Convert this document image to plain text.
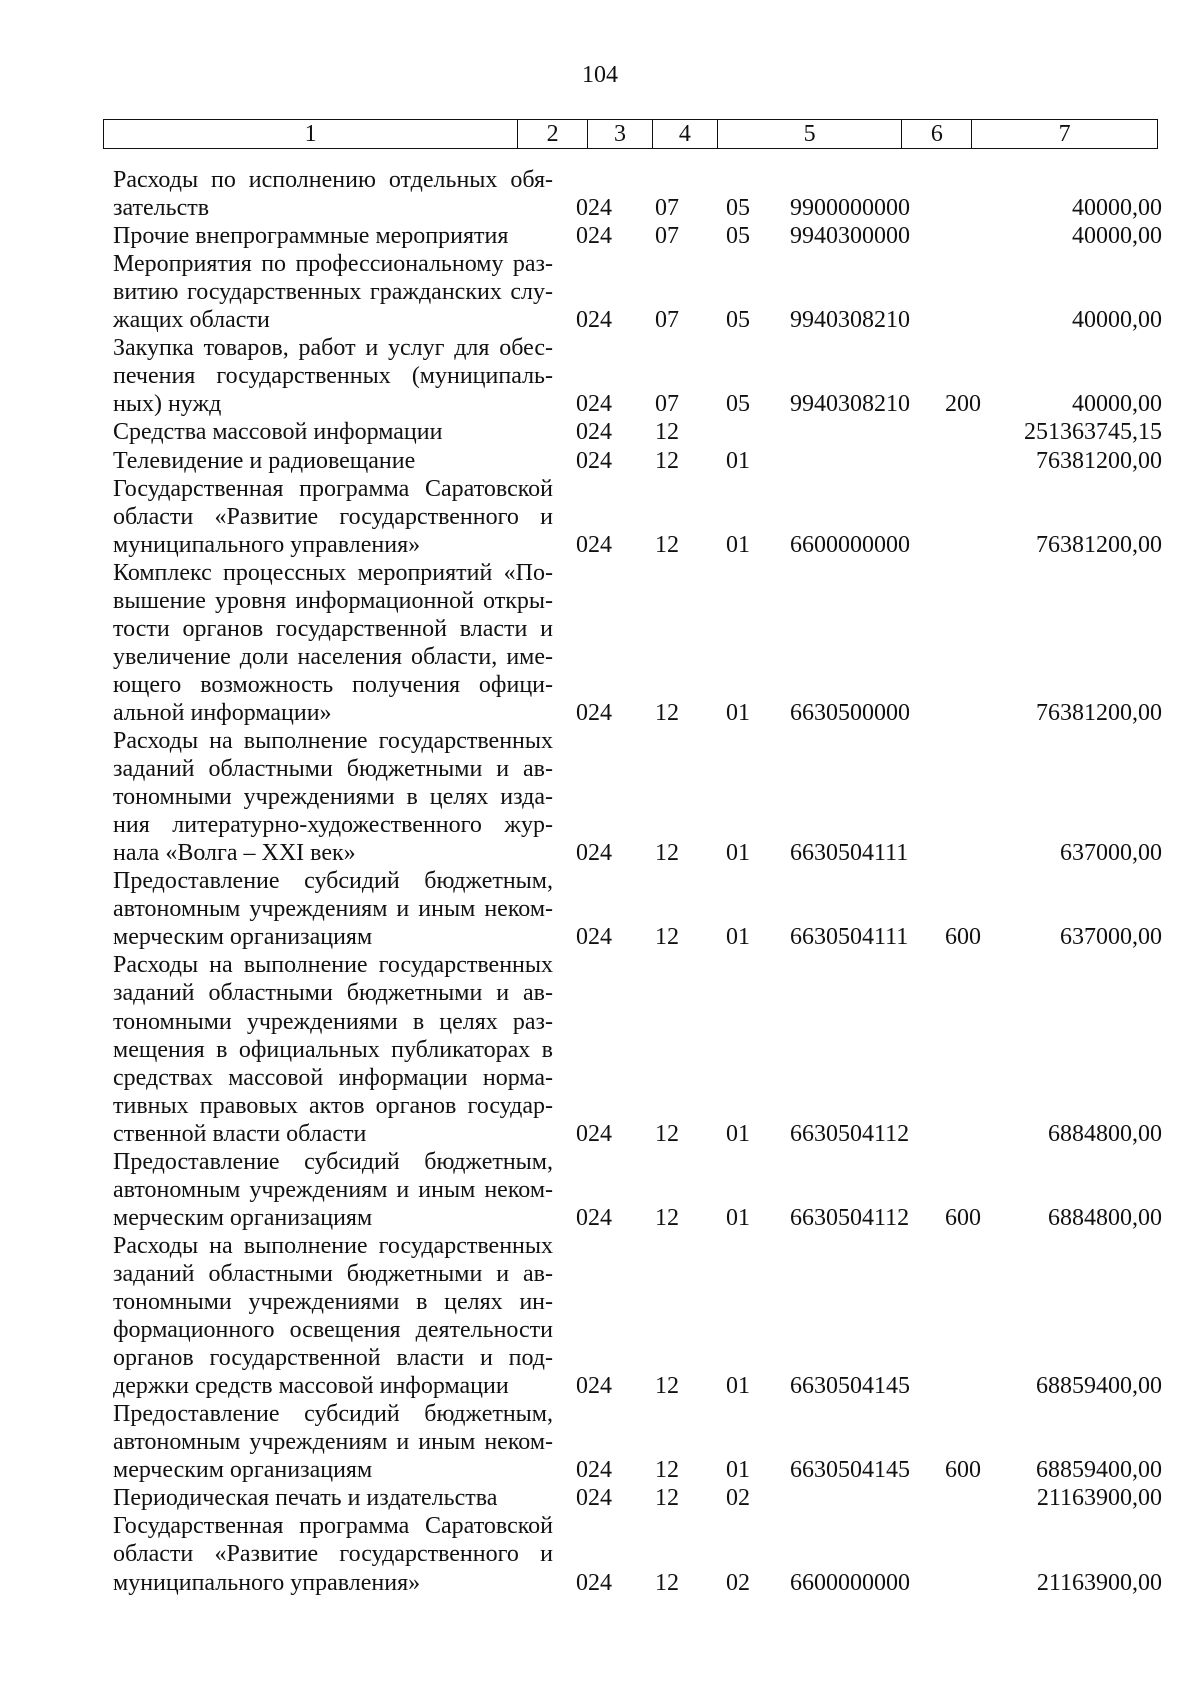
104
1	2	3	4	5	6	7
Расходы по исполнению отдельных обя-
зательств	024 07 05 9900000000	40000,00
Прочие внепрограммные мероприятия	024 07 05 9940300000	40000,00
Мероприятия по профессиональному раз-
витию государственных гражданских слу-
жащих области	024 07 05 9940308210	40000,00
Закупка товаров, работ и услуг для обес-
печения государственных (муниципаль-
ных) нужд	024 07 05 9940308210 200	40000,00
Средства массовой информации	024 12	251363745,15
Телевидение и радиовещание	024 12 01	76381200,00
Государственная программа Саратовской
области «Развитие государственного и
муниципального управления»	024 12 01 6600000000	76381200,00
Комплекс процессных мероприятий «По-
вышение уровня информационной откры-
тости органов государственной власти и
увеличение доли населения области, име-
ющего возможность получения офици-
альной информации»	024 12 01 6630500000	76381200,00
Расходы на выполнение государственных
заданий областными бюджетными и ав-
тономными учреждениями в целях изда-
ния литературно-художественного жур-
нала «Волга – XXI век»	024 12 01 6630504111	637000,00
Предоставление субсидий бюджетным,
автономным учреждениям и иным неком-
мерческим организациям	024 12 01 6630504111 600	637000,00
Расходы на выполнение государственных
заданий областными бюджетными и ав-
тономными учреждениями в целях раз-
мещения в официальных публикаторах в
средствах массовой информации норма-
тивных правовых актов органов государ-
ственной власти области	024 12 01 6630504112	6884800,00
Предоставление субсидий бюджетным,
автономным учреждениям и иным неком-
мерческим организациям	024 12 01 6630504112 600	6884800,00
Расходы на выполнение государственных
заданий областными бюджетными и ав-
тономными учреждениями в целях ин-
формационного освещения деятельности
органов государственной власти и под-
держки средств массовой информации	024 12 01 6630504145	68859400,00
Предоставление субсидий бюджетным,
автономным учреждениям и иным неком-
мерческим организациям	024 12 01 6630504145 600 68859400,00
Периодическая печать и издательства	024 12 02	21163900,00
Государственная программа Саратовской
области «Развитие государственного и
муниципального управления»	024 12 02 6600000000	21163900,00
